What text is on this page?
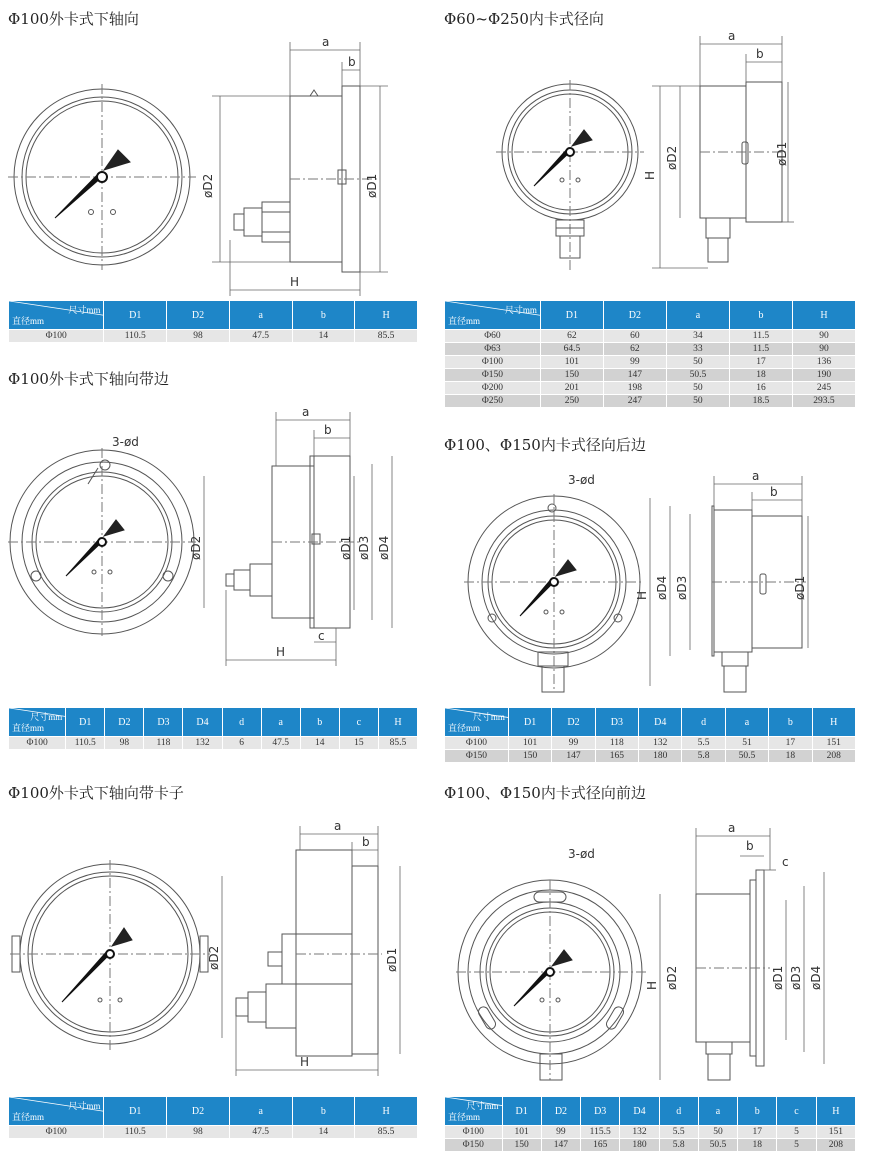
Φ100外卡式下轴向	Φ60~Φ250内卡式径向
Φ100外卡式下轴向带边
Φ100、Φ150内卡式径向后边
Φ100外卡式下轴向带卡子	Φ100、Φ150内卡式径向前边
a
b
øD2	øD1
H
a
b
H
øD2	øD1
3-ød
a
b
øD2	øD1 øD3 øD4
c
H
3-ød	a
b
H øD4 øD3	øD1
a
b
øD2	øD1
H
3-ød
a
b
c
H øD2	øD1 øD3 øD4
尺寸mm
直径mm	D1	D2	a	b	H
Φ100	110.5	98	47.5	14	85.5
尺寸mm
直径mm	D1	D2	a	b	H
Φ60	62	60	34	11.5	90
Φ63	64.5	62	33	11.5	90
Φ100	101	99	50	17	136
Φ150	150	147	50.5	18	190
Φ200	201	198	50	16	245
Φ250	250	247	50	18.5	293.5
尺寸mm
直径mm	D1	D2	D3	D4	d	a	b	c	H
Φ100	110.5	98	118	132	6	47.5	14	15	85.5
尺寸mm
直径mm	D1	D2	D3	D4	d	a	b	H
Φ100	101	99	118	132	5.5	51	17	151
Φ150	150	147	165	180	5.8	50.5	18	208
尺寸mm
直径mm	D1	D2	a	b	H
Φ100	110.5	98	47.5	14	85.5
尺寸mm
直径mm	D1	D2	D3	D4	d	a	b	c	H
Φ100	101	99	115.5	132	5.5	50	17	5	151
Φ150	150	147	165	180	5.8	50.5	18	5	208
